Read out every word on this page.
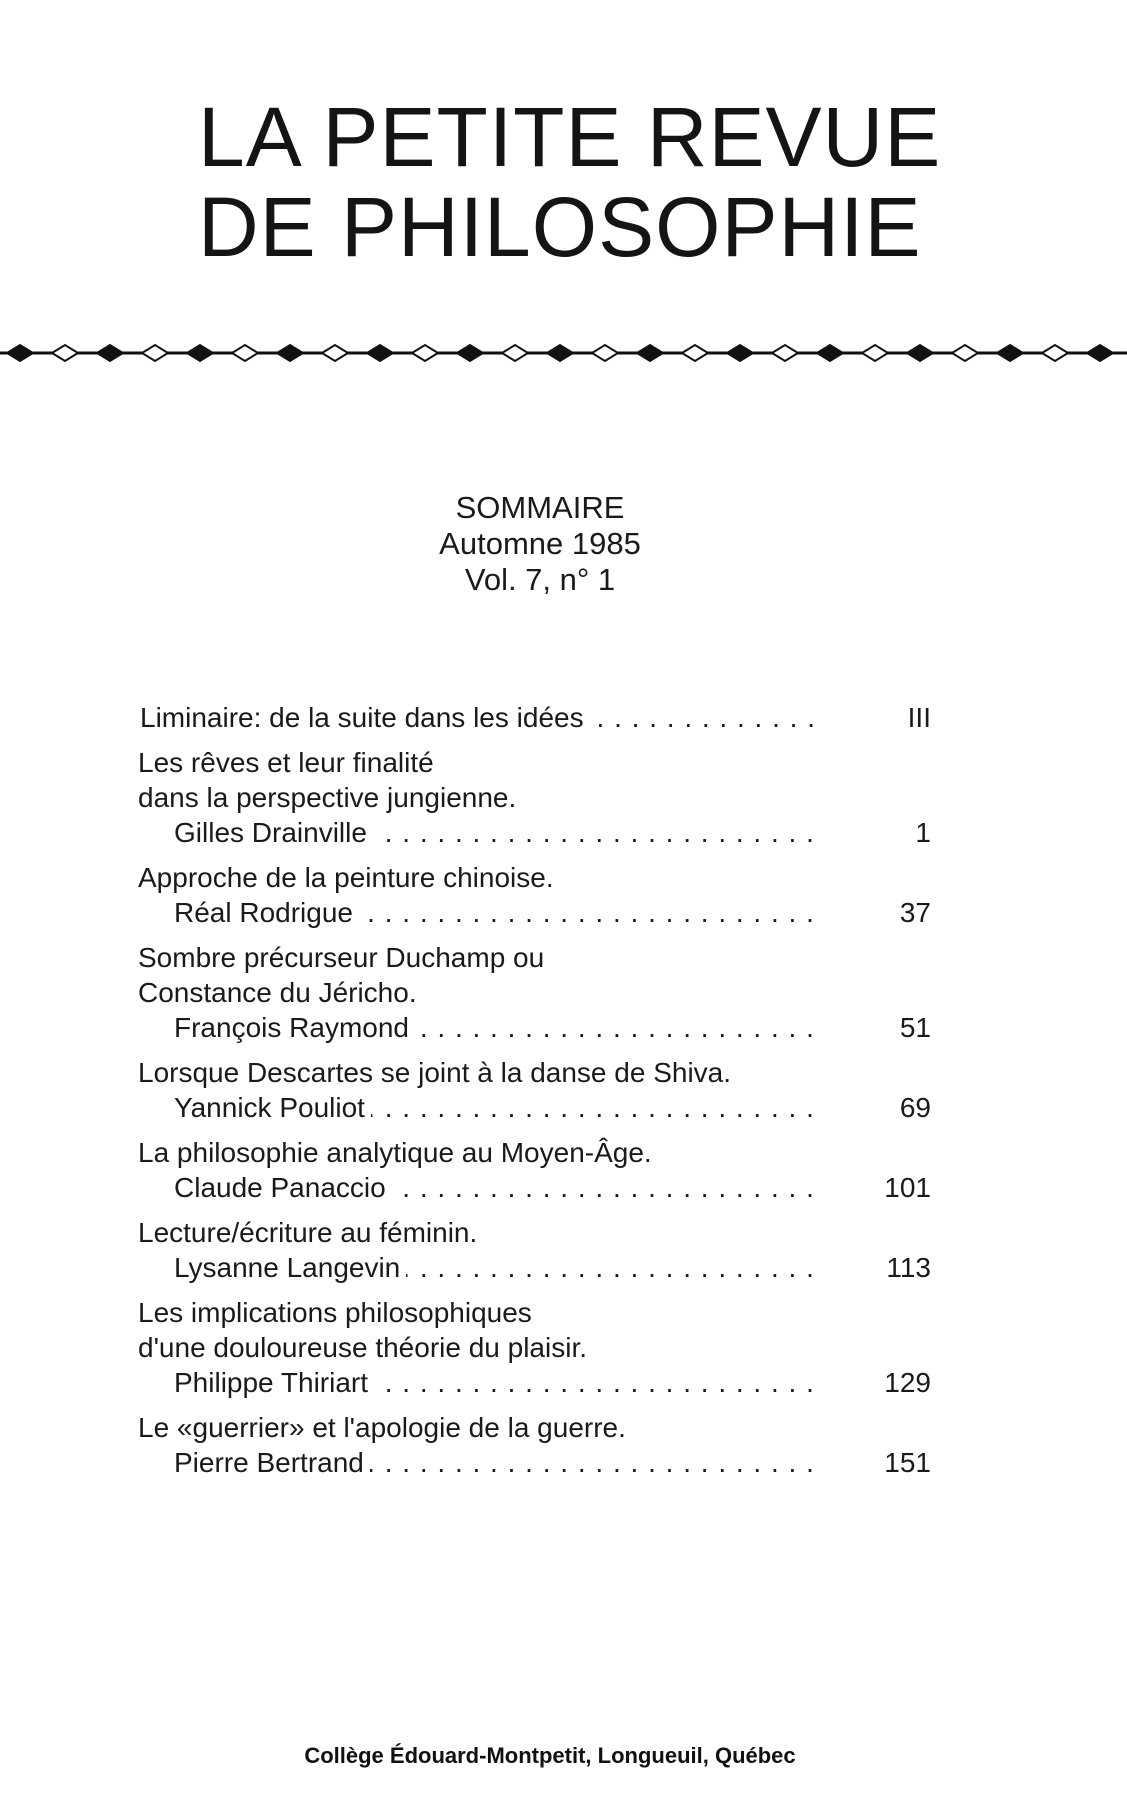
LA PETITE REVUE
DE PHILOSOPHIE
SOMMAIRE
Automne 1985
Vol. 7, n° 1
Liminaire: de la suite dans les idées . . .	III
Les rêves et leur finalité
dans la perspective jungienne.
Gilles Drainville . . .	1
Approche de la peinture chinoise.
Réal Rodrigue . . .	37
Sombre précurseur Duchamp ou
Constance du Jéricho.
François Raymond . . .	51
Lorsque Descartes se joint à la danse de Shiva.
Yannick Pouliot . . .	69
La philosophie analytique au Moyen-Âge.
Claude Panaccio . . .	101
Lecture/écriture au féminin.
Lysanne Langevin . . .	113
Les implications philosophiques
d'une douloureuse théorie du plaisir.
Philippe Thiriart . . .	129
Le «guerrier» et l'apologie de la guerre.
Pierre Bertrand . . .	151
Collège Édouard-Montpetit, Longueuil, Québec
